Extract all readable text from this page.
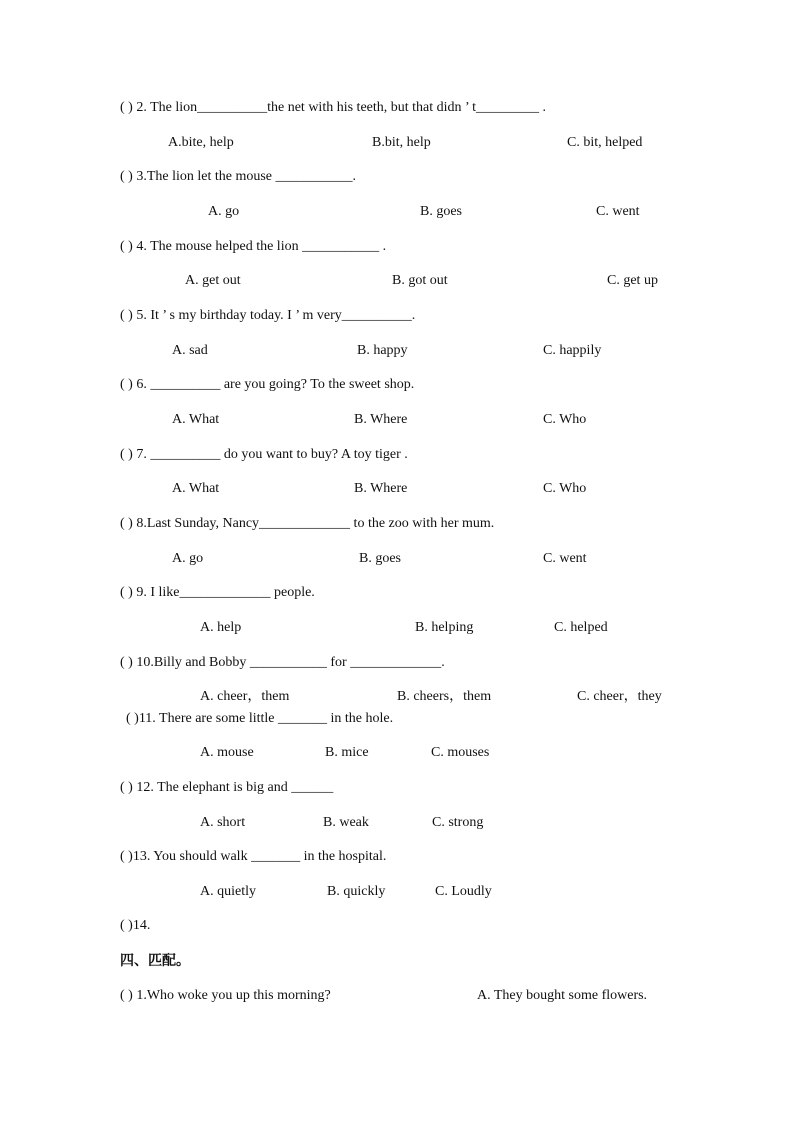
( ) 2. The lion__________the net with his teeth, but that didn ’ t_________ .
A.bite, help	B.bit, help	C. bit, helped
( ) 3.The lion let the mouse ___________.
A. go	B. goes	C. went
( ) 4. The mouse helped the lion ___________ .
A. get out	B. got out	C. get up
( ) 5. It ’ s my birthday today. I ’ m very__________.
A. sad	B. happy	C. happily
( ) 6. __________ are you going? To the sweet shop.
A. What	B. Where	C. Who
( ) 7. __________ do you want to buy? A toy tiger .
A. What	B. Where	C. Who
( ) 8.Last Sunday, Nancy_____________ to the zoo with her mum.
A. go	B. goes	C. went
( ) 9. I like_____________ people.
A. help	B. helping	C. helped
( ) 10.Billy and Bobby ___________ for _____________.
A. cheer，them	B. cheers，them	C. cheer，they
( )11. There are some little _______ in the hole.
A. mouse	B. mice	C. mouses
( ) 12. The elephant is big and ______
A. short	B. weak	C. strong
( )13. You should walk _______ in the hospital.
A. quietly	B. quickly	C. Loudly
( )14.
四、匹配。
( ) 1.Who woke you up this morning?	A. They bought some flowers.
